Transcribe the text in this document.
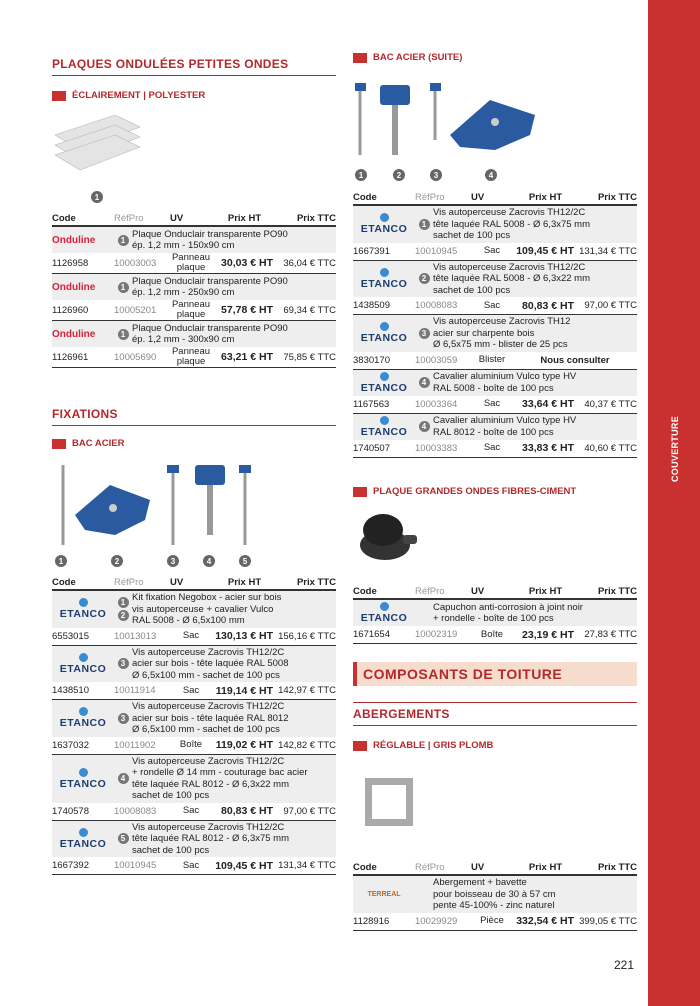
COUVERTURE
PLAQUES ONDULÉES PETITES ONDES
ÉCLAIREMENT | POLYESTER
1
Code	RéfPro	UV	Prix HT	Prix TTC
Onduline	1
Plaque Onduclair transparente PO90
ép. 1,2 mm - 150x90 cm
1126958	10003003	Panneau plaque	30,03 € HT	36,04 € TTC
Onduline	1
Plaque Onduclair transparente PO90
ép. 1,2 mm - 250x90 cm
1126960	10005201	Panneau plaque	57,78 € HT	69,34 € TTC
Onduline	1
Plaque Onduclair transparente PO90
ép. 1,2 mm - 300x90 cm
1126961	10005690	Panneau plaque	63,21 € HT	75,85 € TTC
FIXATIONS
BAC ACIER
1	2	3	4	5
Code	RéfPro	UV	Prix HT	Prix TTC
ETANCO
1
2
Kit fixation Negobox - acier sur bois
vis autoperceuse + cavalier Vulco
RAL 5008 - Ø 6,5x100 mm
6553015	10013013	Sac	130,13 € HT 156,16 € TTC
ETANCO	3
Vis autoperceuse Zacrovis TH12/2C
acier sur bois - tête laquée RAL 5008
Ø 6,5x100 mm - sachet de 100 pcs
1438510	10011914	Sac	119,14 € HT 142,97 € TTC
ETANCO	3
Vis autoperceuse Zacrovis TH12/2C
acier sur bois - tête laquée RAL 8012
Ø 6,5x100 mm - sachet de 100 pcs
1637032	10011902	Boîte	119,02 € HT 142,82 € TTC
ETANCO	4
Vis autoperceuse Zacrovis TH12/2C
+ rondelle Ø 14 mm - couturage bac acier
tête laquée RAL 8012 - Ø 6,3x22 mm
sachet de 100 pcs
1740578	10008083	Sac	80,83 € HT	97,00 € TTC
ETANCO	5
Vis autoperceuse Zacrovis TH12/2C
tête laquée RAL 8012 - Ø 6,3x75 mm
sachet de 100 pcs
1667392	10010945	Sac	109,45 € HT 131,34 € TTC
BAC ACIER (SUITE)
1	2	3	4
Code	RéfPro	UV	Prix HT	Prix TTC
ETANCO	1
Vis autoperceuse Zacrovis TH12/2C
tête laquée RAL 5008 - Ø 6,3x75 mm
sachet de 100 pcs
1667391	10010945	Sac	109,45 € HT 131,34 € TTC
ETANCO	2
Vis autoperceuse Zacrovis TH12/2C
tête laquée RAL 5008 - Ø 6,3x22 mm
sachet de 100 pcs
1438509	10008083	Sac	80,83 € HT	97,00 € TTC
ETANCO	3
Vis autoperceuse Zacrovis TH12
acier sur charpente bois
Ø 6,5x75 mm - blister de 25 pcs
3830170	10003059	Blister	Nous consulter
ETANCO	4
Cavalier aluminium Vulco type HV
RAL 5008 - boîte de 100 pcs
1167563	10003364	Sac	33,64 € HT	40,37 € TTC
ETANCO	4
Cavalier aluminium Vulco type HV
RAL 8012 - boîte de 100 pcs
1740507	10003383	Sac	33,83 € HT	40,60 € TTC
PLAQUE GRANDES ONDES FIBRES-CIMENT
Code	RéfPro	UV	Prix HT	Prix TTC
ETANCO
Capuchon anti-corrosion à joint noir
+ rondelle - boîte de 100 pcs
1671654	10002319	Boîte	23,19 € HT	27,83 € TTC
COMPOSANTS DE TOITURE
ABERGEMENTS
RÉGLABLE | GRIS PLOMB
Code	RéfPro	UV	Prix HT	Prix TTC
TERREAL
Abergement + bavette
pour boisseau de 30 à 57 cm
pente 45-100% - zinc naturel
1128916	10029929	Pièce	332,54 € HT 399,05 € TTC
221
